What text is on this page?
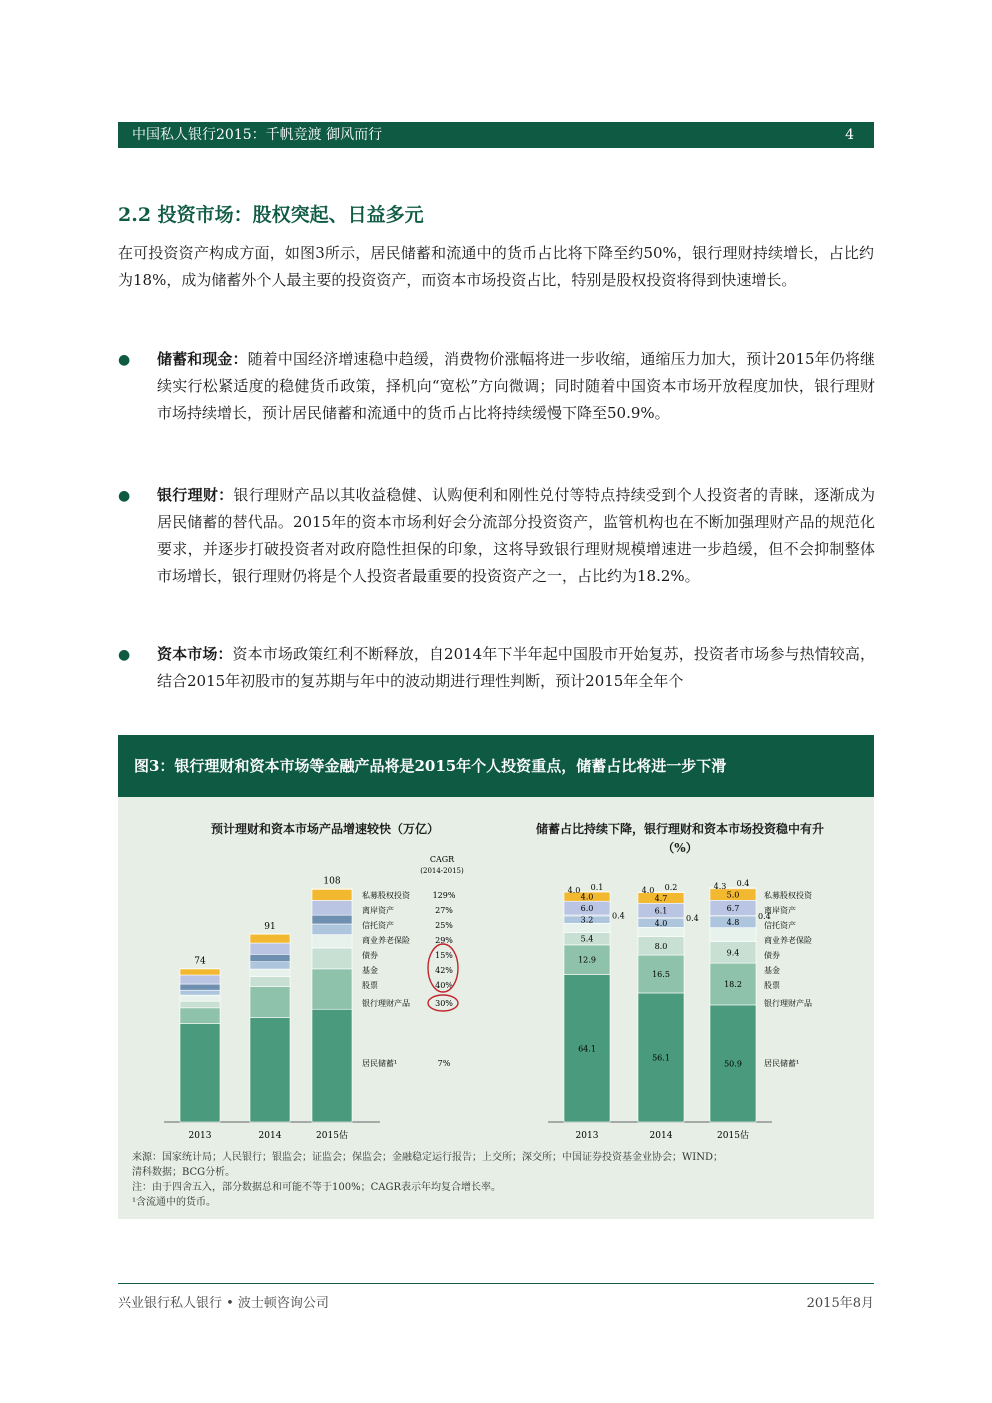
中国私人银行2015：千帆竞渡 御风而行	4
2.2 投资市场：股权突起、日益多元
在可投资资产构成方面，如图3所示，居民储蓄和流通中的货币占比将下降至约50%，银行理财持续增长，占比约为18%，成为储蓄外个人最主要的投资资产，而资本市场投资占比，特别是股权投资将得到快速增长。
● 储蓄和现金：随着中国经济增速稳中趋缓，消费物价涨幅将进一步收缩，通缩压力加大，预计2015年仍将继续实行松紧适度的稳健货币政策，择机向“宽松”方向微调；同时随着中国资本市场开放程度加快，银行理财市场持续增长，预计居民储蓄和流通中的货币占比将持续缓慢下降至50.9%。
● 银行理财：银行理财产品以其收益稳健、认购便利和刚性兑付等特点持续受到个人投资者的青睐，逐渐成为居民储蓄的替代品。2015年的资本市场利好会分流部分投资资产，监管机构也在不断加强理财产品的规范化要求，并逐步打破投资者对政府隐性担保的印象，这将导致银行理财规模增速进一步趋缓，但不会抑制整体市场增长，银行理财仍将是个人投资者最重要的投资资产之一，占比约为18.2%。
● 资本市场：资本市场政策红利不断释放，自2014年下半年起中国股市开始复苏，投资者市场参与热情较高，结合2015年初股市的复苏期与年中的波动期进行理性判断，预计2015年全年个
图3：银行理财和资本市场等金融产品将是2015年个人投资重点，储蓄占比将进一步下滑
预计理财和资本市场产品增速较快（万亿）	储蓄占比持续下降，银行理财和资本市场投资稳中有升（%）
74
2013
91
2014
108
2015估
CAGR
(2014-2015)
私募股权投资	129%
离岸资产	27%
信托资产	25%
商业养老保险	29%
债券	15%
基金	42%
股票	40%
银行理财产品	30%
居民储蓄¹	7%
64.1
12.9
5.4
3.2 0.4
6.0
4.0
0.1
4.0
2013
56.1
16.5
8.0
4.0
0.4
6.1
4.7
0.2
4.0
2014
50.9
18.2
9.4
4.8
0.4
6.7
5.0
0.4
4.3
2015估
私募股权投资
离岸资产
信托资产
商业养老保险
债券
基金
股票
银行理财产品
居民储蓄¹
来源：国家统计局；人民银行；银监会；证监会；保监会；金融稳定运行报告；上交所；深交所；中国证券投资基金业协会；WIND；
清科数据；BCG分析。
注：由于四舍五入，部分数据总和可能不等于100%；CAGR表示年均复合增长率。
¹含流通中的货币。
兴业银行私人银行 • 波士顿咨询公司	2015年8月
